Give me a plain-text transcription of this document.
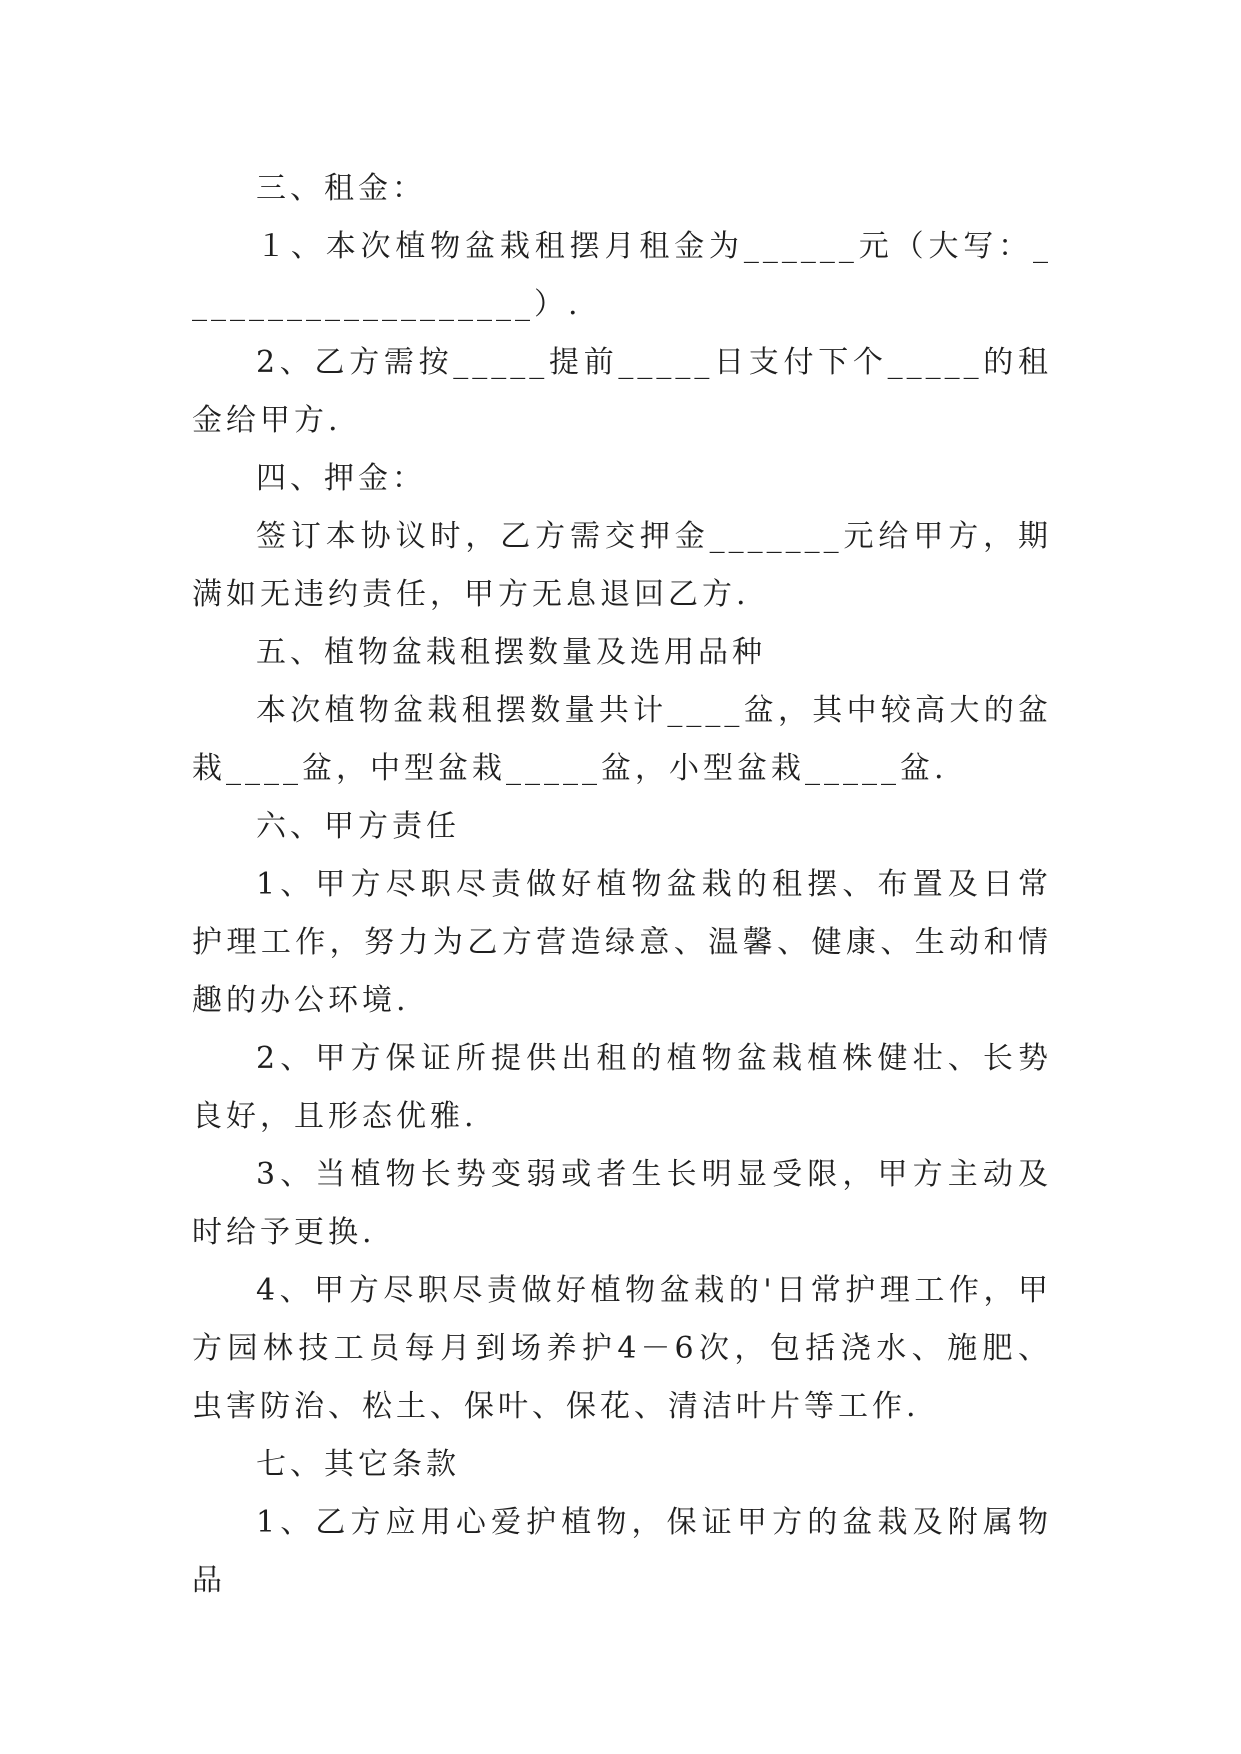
三、租金：

１、本次植物盆栽租摆月租金为______元（大写：___________________）.

2、乙方需按_____提前_____日支付下个_____的租金给甲方.

四、押金：

签订本协议时，乙方需交押金_______元给甲方，期满如无违约责任，甲方无息退回乙方.

五、植物盆栽租摆数量及选用品种

本次植物盆栽租摆数量共计____盆，其中较高大的盆栽____盆，中型盆栽_____盆，小型盆栽_____盆.

六、甲方责任

1、甲方尽职尽责做好植物盆栽的租摆、布置及日常护理工作，努力为乙方营造绿意、温馨、健康、生动和情趣的办公环境.

2、甲方保证所提供出租的植物盆栽植株健壮、长势良好，且形态优雅.

3、当植物长势变弱或者生长明显受限，甲方主动及时给予更换.

4、甲方尽职尽责做好植物盆栽的'日常护理工作，甲方园林技工员每月到场养护4－6次，包括浇水、施肥、虫害防治、松土、保叶、保花、清洁叶片等工作.

七、其它条款

1、乙方应用心爱护植物，保证甲方的盆栽及附属物品
